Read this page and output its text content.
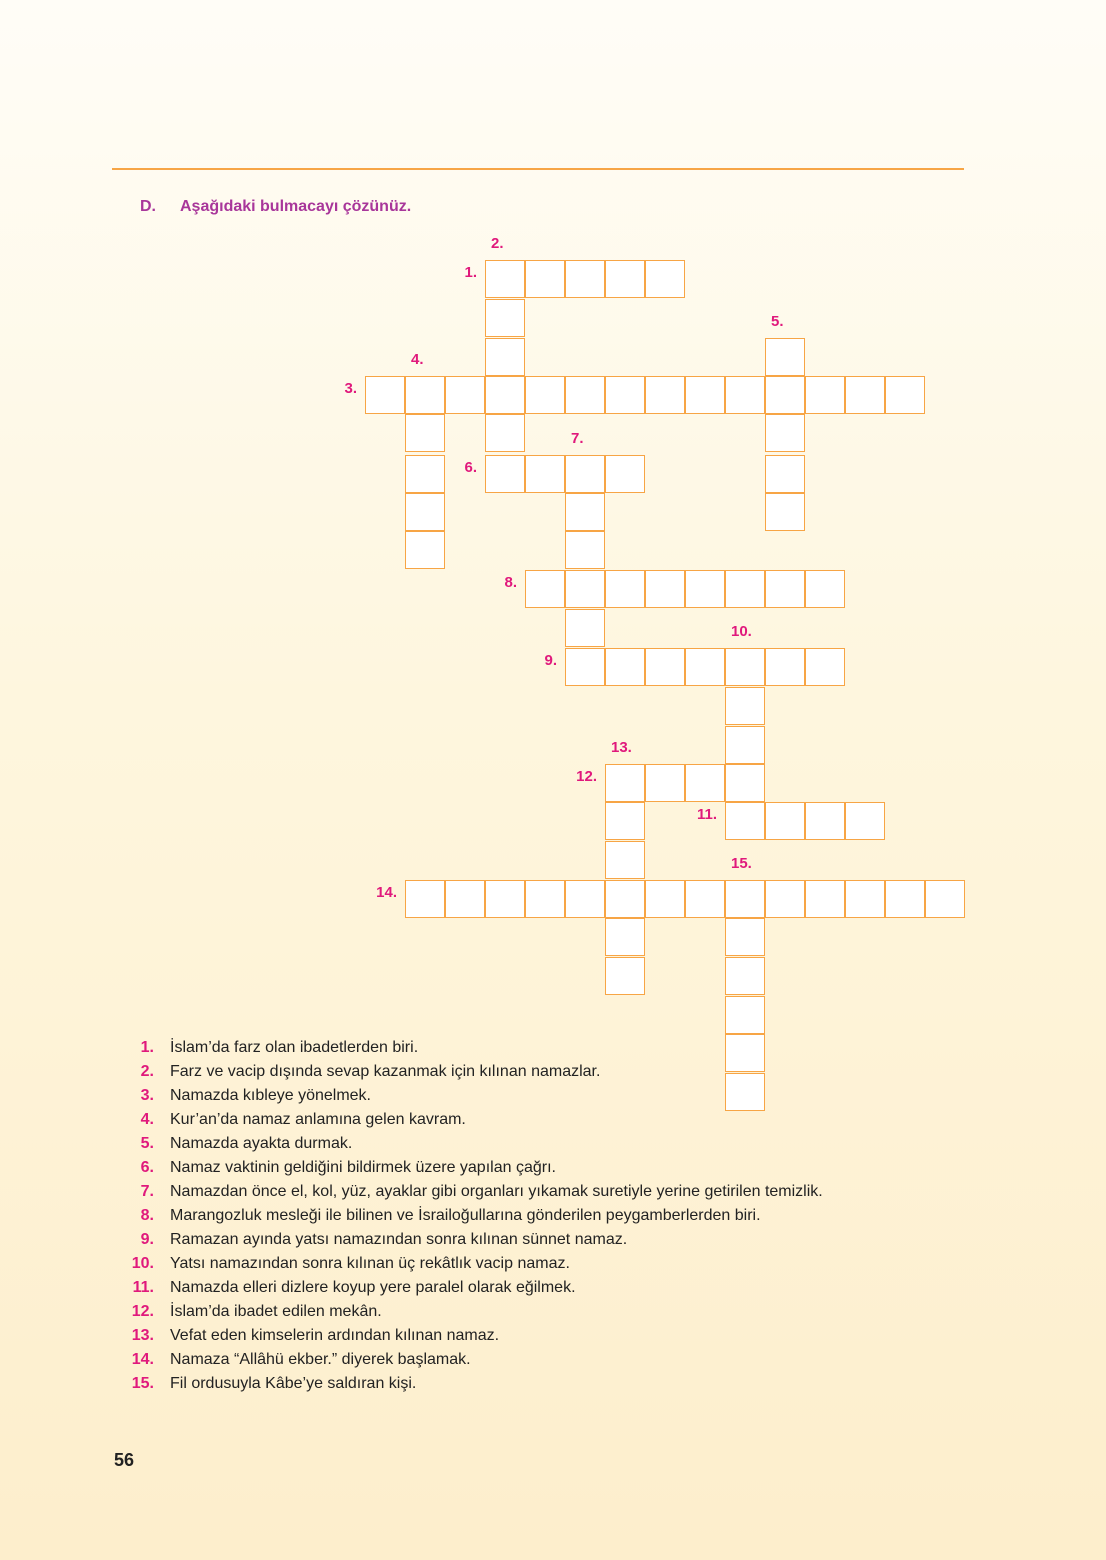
D. Aşağıdaki bulmacayı çözünüz.
1.
2.
3.
4.
5.
6.
7.
8.
9.
10.
11.
12.
13.
14.
15.
1. İslam’da farz olan ibadetlerden biri.
2. Farz ve vacip dışında sevap kazanmak için kılınan namazlar.
3. Namazda kıbleye yönelmek.
4. Kur’an’da namaz anlamına gelen kavram.
5. Namazda ayakta durmak.
6. Namaz vaktinin geldiğini bildirmek üzere yapılan çağrı.
7. Namazdan önce el, kol, yüz, ayaklar gibi organları yıkamak suretiyle yerine getirilen temizlik.
8. Marangozluk mesleği ile bilinen ve İsrailoğullarına gönderilen peygamberlerden biri.
9. Ramazan ayında yatsı namazından sonra kılınan sünnet namaz.
10. Yatsı namazından sonra kılınan üç rekâtlık vacip namaz.
11. Namazda elleri dizlere koyup yere paralel olarak eğilmek.
12. İslam’da ibadet edilen mekân.
13. Vefat eden kimselerin ardından kılınan namaz.
14. Namaza “Allâhü ekber.” diyerek başlamak.
15. Fil ordusuyla Kâbe’ye saldıran kişi.
56
